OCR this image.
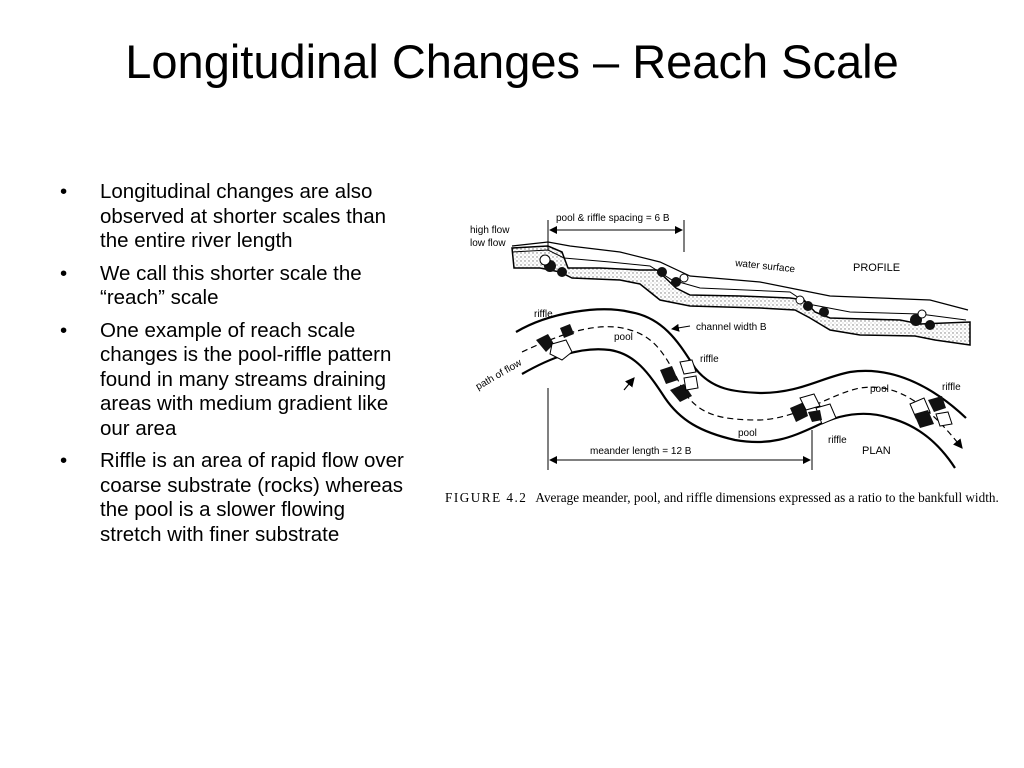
Longitudinal Changes – Reach Scale
• Longitudinal changes are also observed at shorter scales than the entire river length
• We call this shorter scale the “reach” scale
• One example of reach scale changes is the pool-riffle pattern found in many streams draining areas with medium gradient like our area
• Riffle is an area of rapid flow over coarse substrate (rocks) whereas the pool is a slower flowing stretch with finer substrate
high flow
low flow
pool & riffle spacing = 6 B
water surface	PROFILE
riffle
pool
channel width B
riffle
path of flow
pool
riffle
pool	riffle
meander length = 12 B	PLAN
FIGURE 4.2 Average meander, pool, and riffle dimensions expressed as a ratio to the bankfull width.
